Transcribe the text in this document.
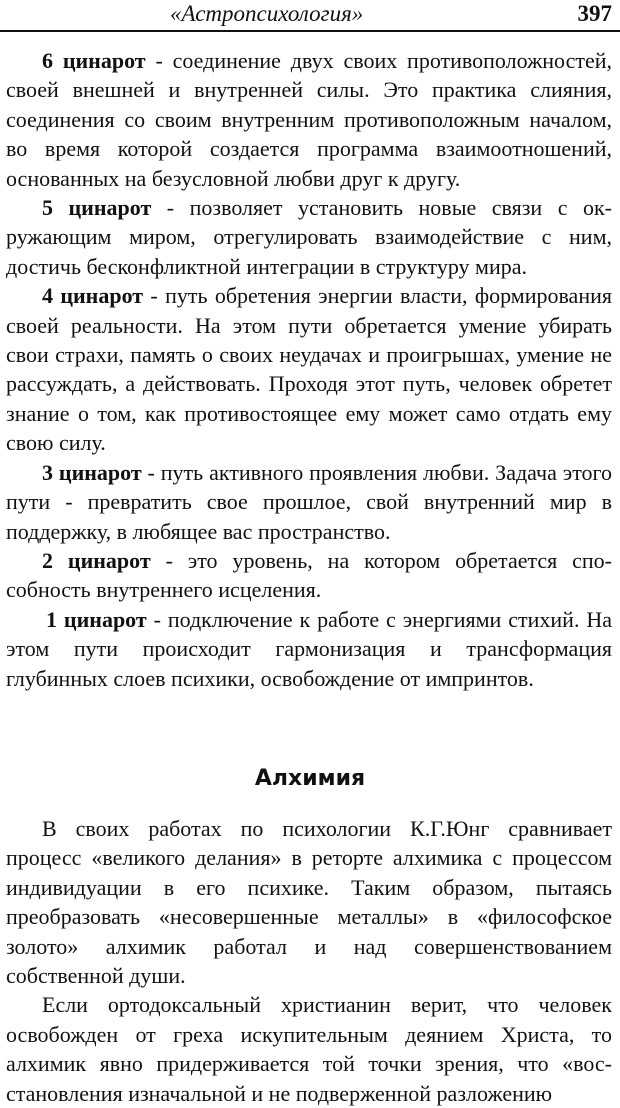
«Астропсихология»	397

6 цинарот - соединение двух своих противоположностей, своей внешней и внутренней силы. Это практика слияния, соединения со своим внутренним противоположным началом, во время которой создается программа взаимоотношений, основанных на безусловной любви друг к другу.

5 цинарот - позволяет установить новые связи с окружающим миром, отрегулировать взаимодействие с ним, достичь бесконфликтной интеграции в структуру мира.

4 цинарот - путь обретения энергии власти, формирования своей реальности. На этом пути обретается умение убирать свои страхи, память о своих неудачах и проигрышах, умение не рассуждать, а действовать. Проходя этот путь, человек обретет знание о том, как противостоящее ему может само отдать ему свою силу.

3 цинарот - путь активного проявления любви. Задача этого пути - превратить свое прошлое, свой внутренний мир в поддержку, в любящее вас пространство.

2 цинарот - это уровень, на котором обретается способность внутреннего исцеления.

1 цинарот - подключение к работе с энергиями стихий. На этом пути происходит гармонизация и трансформация глубинных слоев психики, освобождение от импринтов.

Алхимия

В своих работах по психологии К.Г.Юнг сравнивает процесс «великого делания» в реторте алхимика с процессом индивидуации в его психике. Таким образом, пытаясь преобразовать «несовершенные металлы» в «философское золото» алхимик работал и над совершенствованием собственной души.

Если ортодоксальный христианин верит, что человек освобожден от греха искупительным деянием Христа, то алхимик явно придерживается той точки зрения, что «восстановления изначальной и не подверженной разложению
